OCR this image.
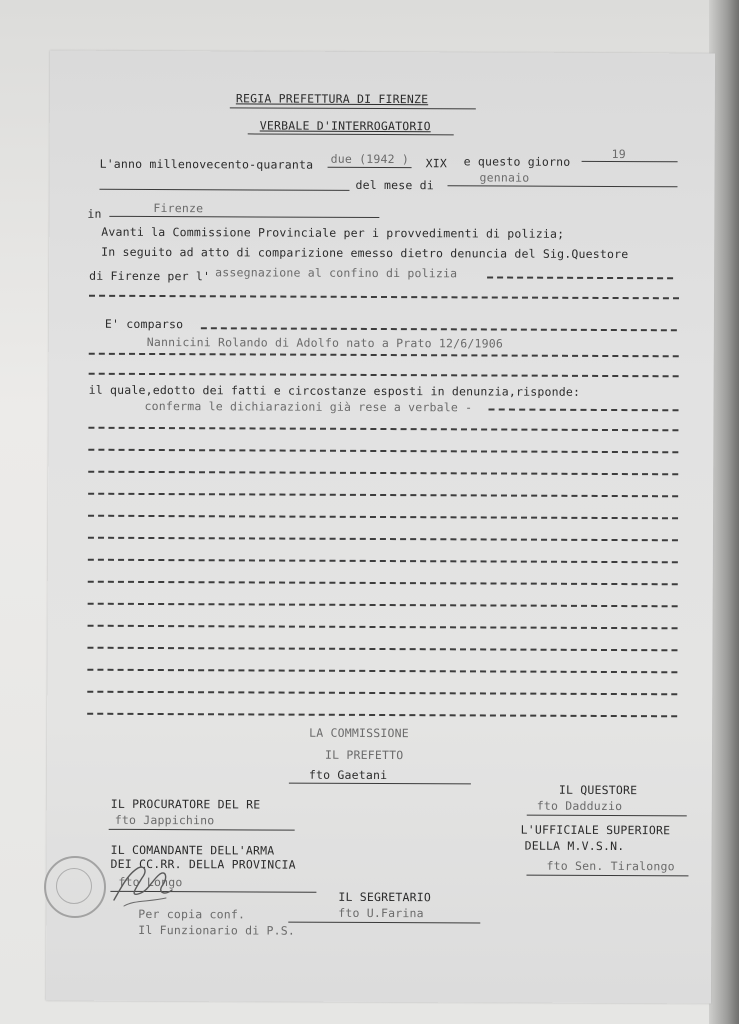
REGIA PREFETTURA DI FIRENZE
VERBALE D'INTERROGATORIO
L'anno millenovecento-quaranta due (1942 ) XIX e questo giorno
19
del mese di
gennaio
in	Firenze
Avanti la Commissione Provinciale per i provvedimenti di polizia;
In seguito ad atto di comparizione emesso dietro denuncia del Sig.Questore
di Firenze per l' assegnazione al confino di polizia
E' comparso
Nannicini Rolando di Adolfo nato a Prato 12/6/1906
il quale,edotto dei fatti e circostanze esposti in denunzia,risponde:
conferma le dichiarazioni già rese a verbale -
LA COMMISSIONE
IL PREFETTO
fto Gaetani
IL QUESTORE
fto Dadduzio
IL PROCURATORE DEL RE
fto Jappichino
L'UFFICIALE SUPERIORE
DELLA M.V.S.N.
fto Sen. Tiralongo
IL COMANDANTE DELL'ARMA
DEI CC.RR. DELLA PROVINCIA
fto Longo
IL SEGRETARIO
fto U.Farina
Per copia conf.
Il Funzionario di P.S.
